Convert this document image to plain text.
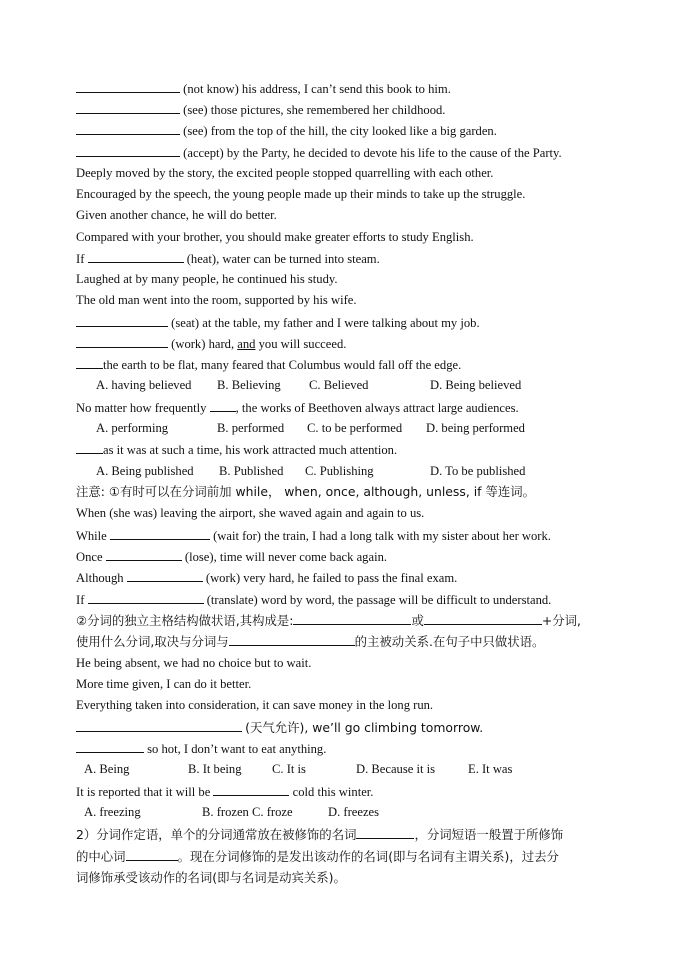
(not know) his address, I can’t send this book to him.
(see) those pictures, she remembered her childhood.
(see) from the top of the hill, the city looked like a big garden.
(accept) by the Party, he decided to devote his life to the cause of the Party.
Deeply moved by the story, the excited people stopped quarrelling with each other.
Encouraged by the speech, the young people made up their minds to take up the struggle.
Given another chance, he will do better.
Compared with your brother, you should make greater efforts to study English.
If	(heat), water can be turned into steam.
Laughed at by many people, he continued his study.
The old man went into the room, supported by his wife.
(seat) at the table, my father and I were talking about my job.
(work) hard, and you will succeed.
the earth to be flat, many feared that Columbus would fall off the edge.
A. having believed B. Believing C. Believed	D. Being believed
No matter how frequently , the works of Beethoven always attract large audiences.
A. performing	B. performed C. to be performed D. being performed
as it was at such a time, his work attracted much attention.
A. Being published B. Published C. Publishing	D. To be published
注意: ①有时可以在分词前加 while， when, once, although, unless, if 等连词。
When (she was) leaving the airport, she waved again and again to us.
While	(wait for) the train, I had a long talk with my sister about her work.
Once	(lose), time will never come back again.
Although	(work) very hard, he failed to pass the final exam.
If	(translate) word by word, the passage will be difficult to understand.
②分词的独立主格结构做状语,其构成是:	或	+分词,
使用什么分词,取决与分词与	的主被动关系.在句子中只做状语。
He being absent, we had no choice but to wait.
More time given, I can do it better.
Everything taken into consideration, it can save money in the long run.
(天气允许), we’ll go climbing tomorrow.
so hot, I don’t want to eat anything.
A. Being	B. It being C. It is	D. Because it is	E. It was
It is reported that it will be	cold this winter.
A. freezing	B. frozen C. froze	D. freezes
2）分词作定语，单个的分词通常放在被修饰的名词	，分词短语一般置于所修饰
的中心词	。现在分词修饰的是发出该动作的名词(即与名词有主谓关系)，过去分
词修饰承受该动作的名词(即与名词是动宾关系)。
